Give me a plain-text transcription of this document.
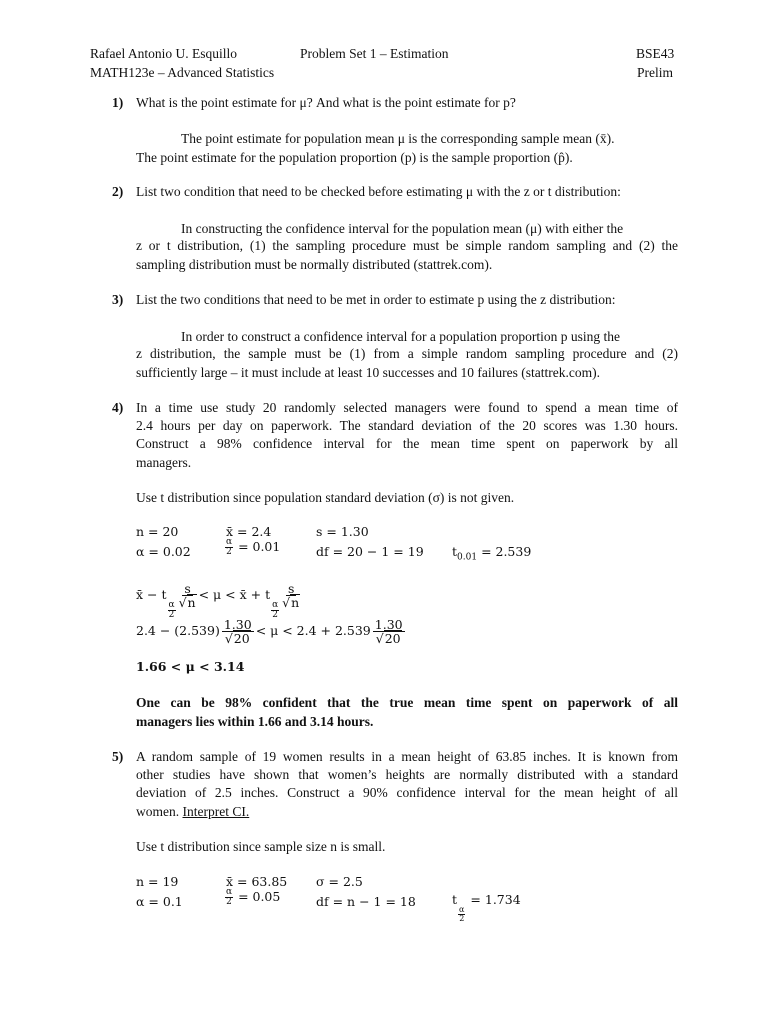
Rafael Antonio U. Esquillo	Problem Set 1 – Estimation	BSE43
MATH123e – Advanced Statistics	Prelim
1) What is the point estimate for μ? And what is the point estimate for p?
The point estimate for population mean μ is the corresponding sample mean (x̄).
The point estimate for the population proportion (p) is the sample proportion (p̂).
2) List two condition that need to be checked before estimating μ with the z or t distribution:
In constructing the confidence interval for the population mean (μ) with either the
z or t distribution, (1) the sampling procedure must be simple random sampling and (2) the
sampling distribution must be normally distributed (stattrek.com).
3) List the two conditions that need to be met in order to estimate p using the z distribution:
In order to construct a confidence interval for a population proportion p using the
z distribution, the sample must be (1) from a simple random sampling procedure and (2)
sufficiently large – it must include at least 10 successes and 10 failures (stattrek.com).
4) In a time use study 20 randomly selected managers were found to spend a mean time of
2.4 hours per day on paperwork. The standard deviation of the 20 scores was 1.30 hours.
Construct a 98% confidence interval for the mean time spent on paperwork by all
managers.
Use t distribution since population standard deviation (σ) is not given.
n = 20	x̄ = 2.4	s = 1.30
α = 0.02	$\frac{\alpha}{2} = 0.01$	df = 20 − 1 = 19 $t_{0.01} = 2.539$
x̄ − t
$\frac{\alpha}{2}$
$\frac{s}{√n} < \mu$ < x̄ + t
$\frac{\alpha}{2}$
$\frac{s}{√n}$
$2.4 - (2.539) \frac{1.30}{√20} < \mu < 2.4 + 2.539 \frac{1.30}{√20}$
1.66 < μ < 3.14
One can be 98% confident that the true mean time spent on paperwork of all
managers lies within 1.66 and 3.14 hours.
5) A random sample of 19 women results in a mean height of 63.85 inches. It is known from
other studies have shown that women’s heights are normally distributed with a standard
deviation of 2.5 inches. Construct a 90% confidence interval for the mean height of all
women. Interpret CI.
Use t distribution since sample size n is small.
n = 19	x̄ = 63.85 σ = 2.5
α = 0.1	$\frac{\alpha}{2} = 0.05$	df = n − 1 = 18	t
$\frac{\alpha}{2}$
= 1.734
